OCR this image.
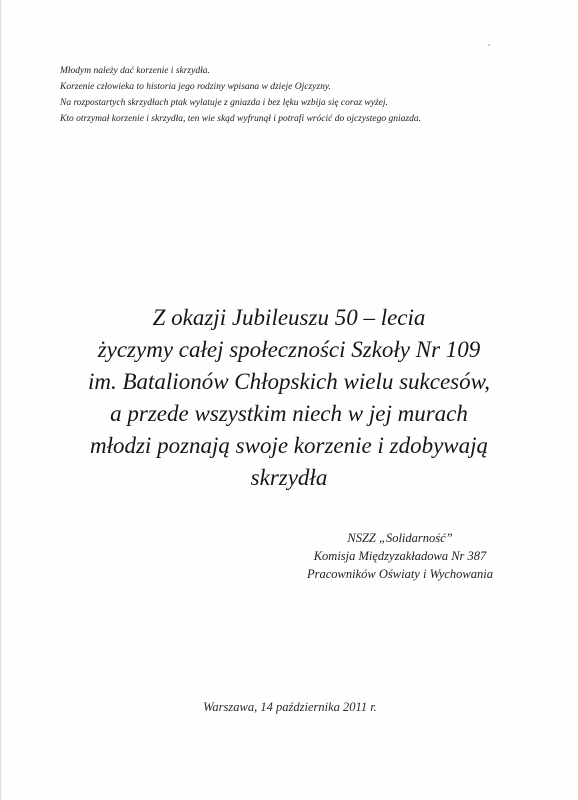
Młodym należy dać korzenie i skrzydła.
Korzenie człowieka to historia jego rodziny wpisana w dzieje Ojczyzny.
Na rozpostartych skrzydłach ptak wylatuje z gniazda i bez lęku wzbija się coraz wyżej.
Kto otrzymał korzenie i skrzydła, ten wie skąd wyfrunął i potrafi wrócić do ojczystego gniazda.
Z okazji Jubileuszu 50 – lecia
życzymy całej społeczności Szkoły Nr 109
im. Batalionów Chłopskich wielu sukcesów,
a przede wszystkim niech w jej murach
młodzi poznają swoje korzenie i zdobywają
skrzydła
NSZZ „Solidarność”
Komisja Międzyzakładowa Nr 387
Pracowników Oświaty i Wychowania
Warszawa, 14 października 2011 r.
